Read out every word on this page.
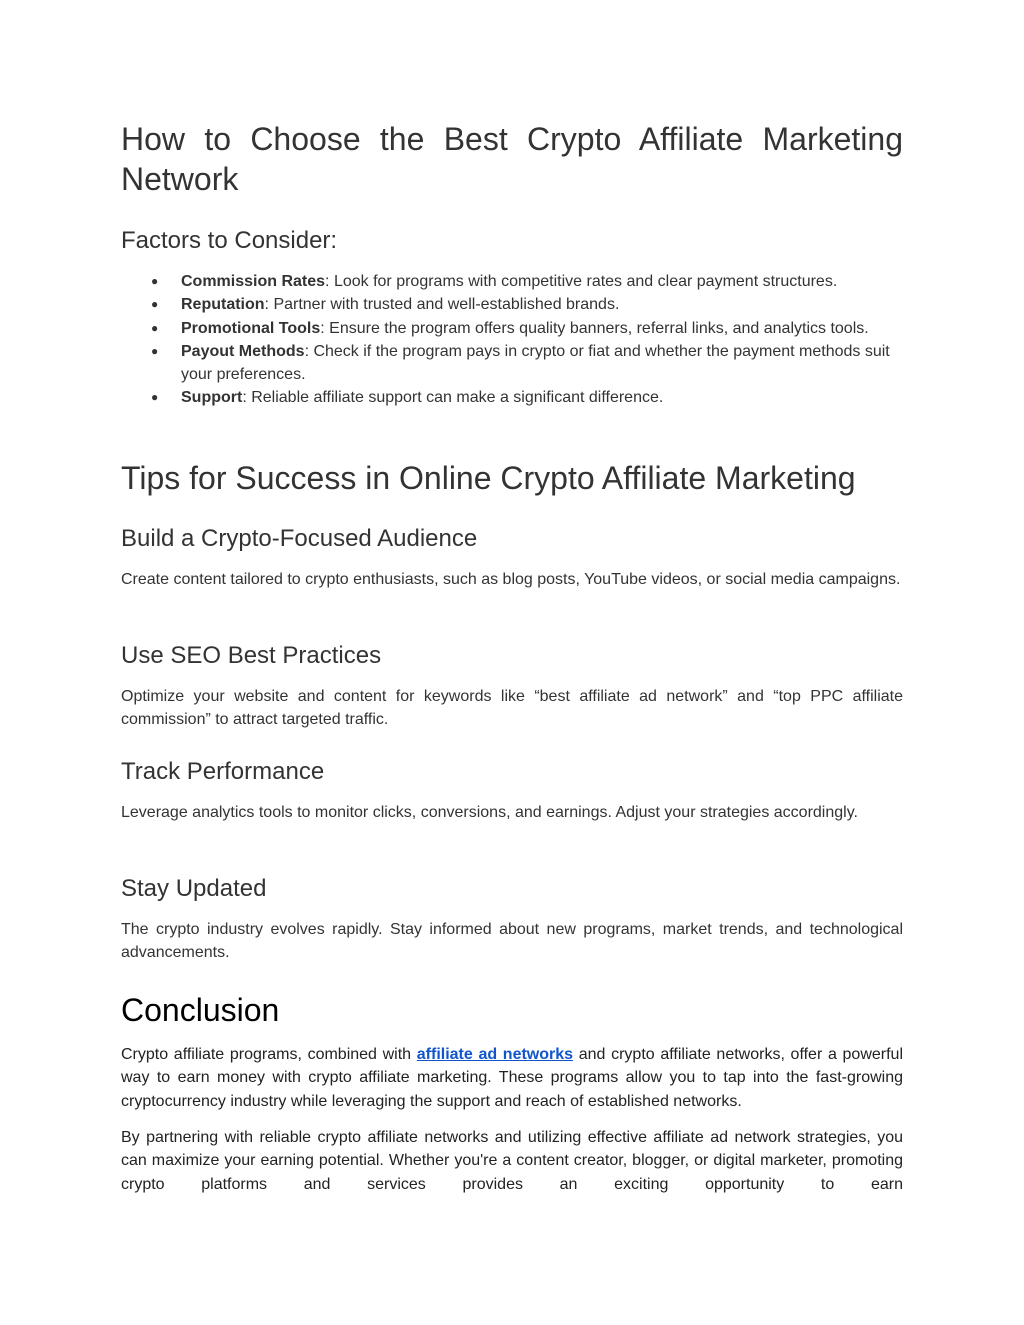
How to Choose the Best Crypto Affiliate Marketing Network
Factors to Consider:
● Commission Rates: Look for programs with competitive rates and clear payment structures.
● Reputation: Partner with trusted and well-established brands.
● Promotional Tools: Ensure the program offers quality banners, referral links, and analytics tools.
● Payout Methods: Check if the program pays in crypto or fiat and whether the payment methods suit your preferences.
● Support: Reliable affiliate support can make a significant difference.
Tips for Success in Online Crypto Affiliate Marketing
Build a Crypto-Focused Audience

Create content tailored to crypto enthusiasts, such as blog posts, YouTube videos, or social media campaigns.

Use SEO Best Practices

Optimize your website and content for keywords like “best affiliate ad network” and “top PPC affiliate commission” to attract targeted traffic.

Track Performance

Leverage analytics tools to monitor clicks, conversions, and earnings. Adjust your strategies accordingly.

Stay Updated

The crypto industry evolves rapidly. Stay informed about new programs, market trends, and technological advancements.

Conclusion

Crypto affiliate programs, combined with affiliate ad networks and crypto affiliate networks, offer a powerful way to earn money with crypto affiliate marketing. These programs allow you to tap into the fast-growing cryptocurrency industry while leveraging the support and reach of established networks.

By partnering with reliable crypto affiliate networks and utilizing effective affiliate ad network strategies, you can maximize your earning potential. Whether you're a content creator, blogger, or digital marketer, promoting crypto platforms and services provides an exciting opportunity to earn
